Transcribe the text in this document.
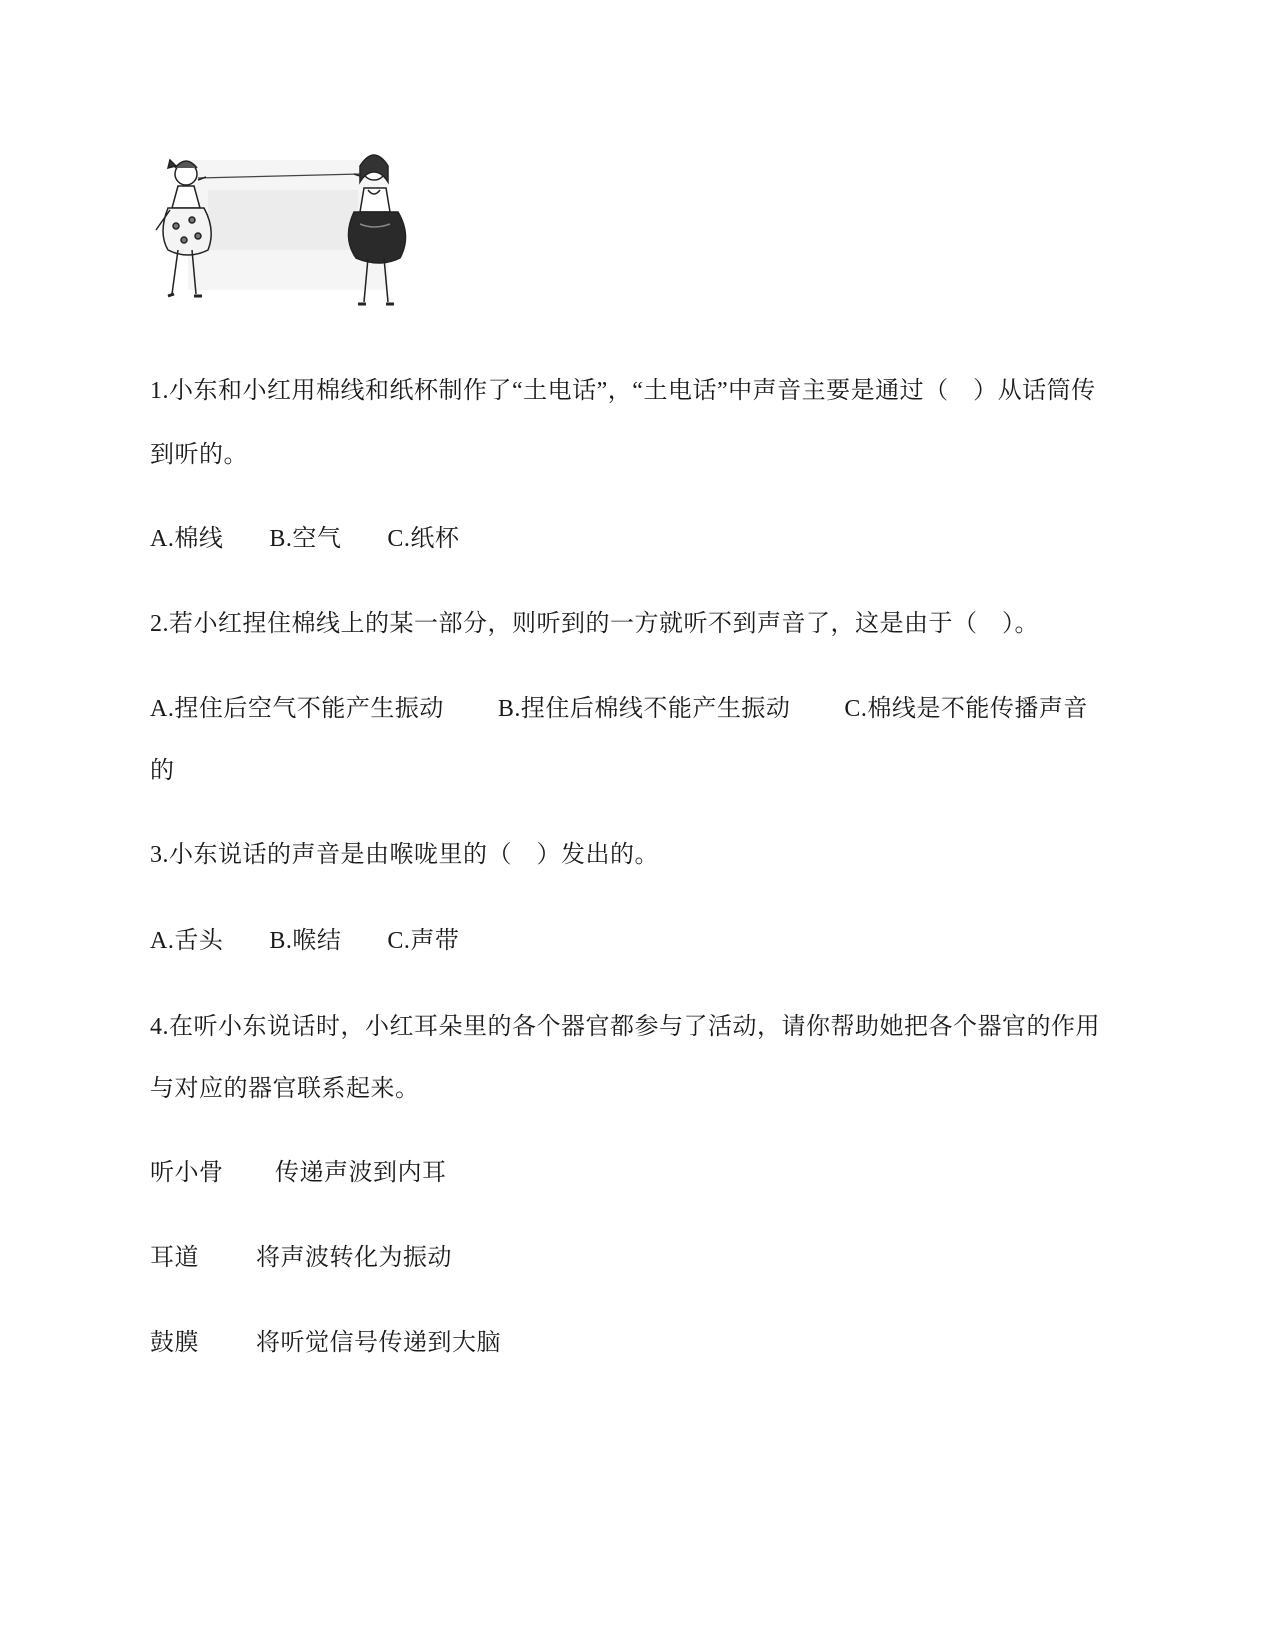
1.小东和小红用棉线和纸杯制作了“土电话”，“土电话”中声音主要是通过（　）从话筒传
到听的。
A.棉线 B.空气 C.纸杯
2.若小红捏住棉线上的某一部分，则听到的一方就听不到声音了，这是由于（　）。
A.捏住后空气不能产生振动 B.捏住后棉线不能产生振动 C.棉线是不能传播声音
的
3.小东说话的声音是由喉咙里的（　）发出的。
A.舌头 B.喉结 C.声带
4.在听小东说话时，小红耳朵里的各个器官都参与了活动，请你帮助她把各个器官的作用
与对应的器官联系起来。
听小骨 传递声波到内耳
耳道 将声波转化为振动
鼓膜 将听觉信号传递到大脑
